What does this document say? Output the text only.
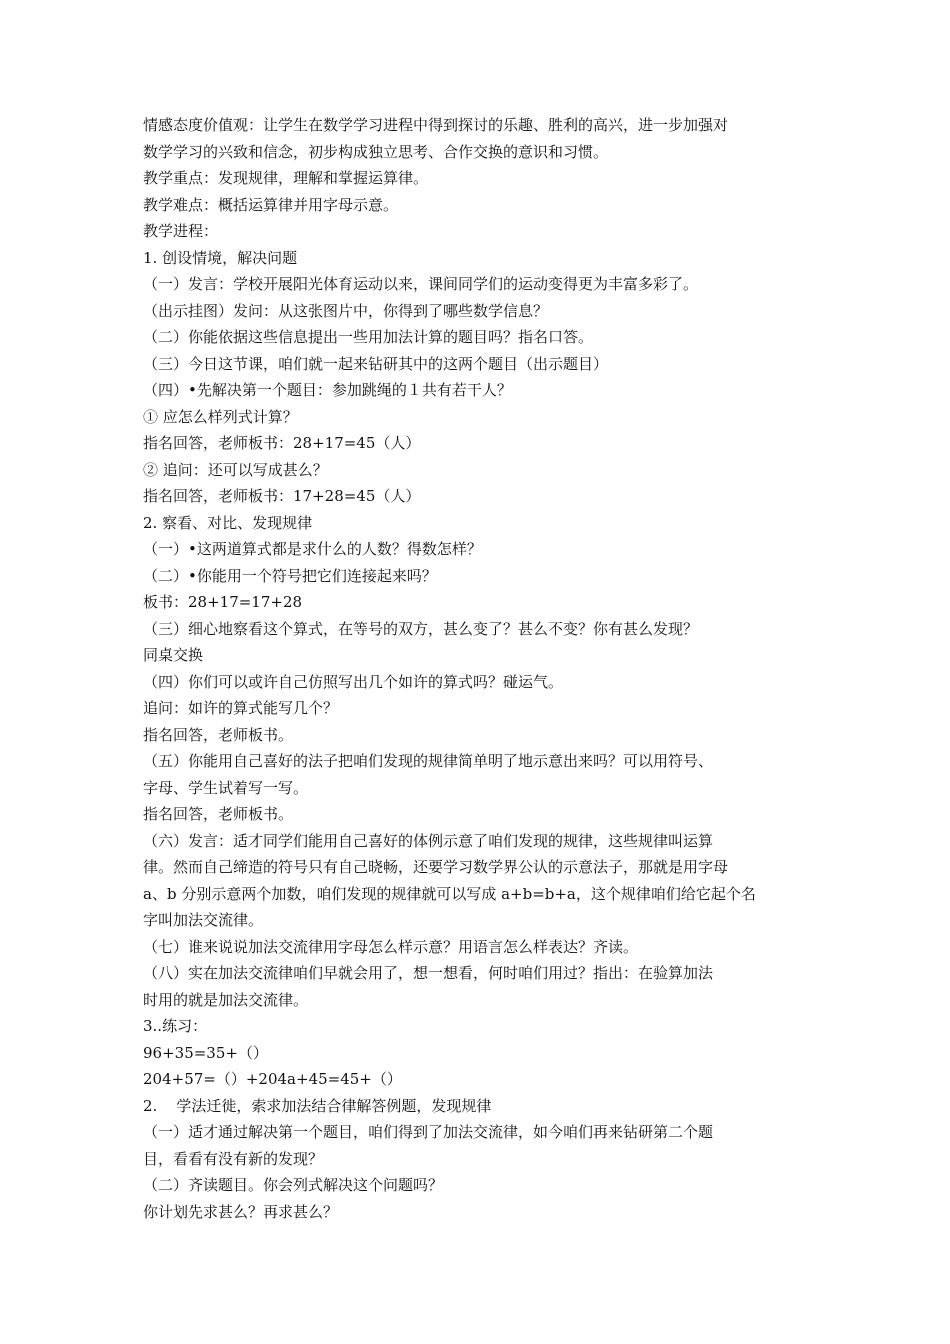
情感态度价值观：让学生在数学学习进程中得到探讨的乐趣、胜利的高兴，进一步加强对
数学学习的兴致和信念，初步构成独立思考、合作交换的意识和习惯。
教学重点：发现规律，理解和掌握运算律。
教学难点：概括运算律并用字母示意。
教学进程：
1. 创设情境，解决问题
（一）发言：学校开展阳光体育运动以来，课间同学们的运动变得更为丰富多彩了。
（出示挂图）发问：从这张图片中，你得到了哪些数学信息？
（二）你能依据这些信息提出一些用加法计算的题目吗？指名口答。
（三）今日这节课，咱们就一起来钻研其中的这两个题目（出示题目）
（四）•先解决第一个题目：参加跳绳的１共有若干人？
① 应怎么样列式计算？
指名回答，老师板书：28+17=45（人）
② 追问：还可以写成甚么？
指名回答，老师板书：17+28=45（人）
2. 察看、对比、发现规律
（一）•这两道算式都是求什么的人数？得数怎样？
（二）•你能用一个符号把它们连接起来吗？
板书：28+17=17+28
（三）细心地察看这个算式，在等号的双方，甚么变了？甚么不变？你有甚么发现？
同桌交换
（四）你们可以或许自己仿照写出几个如许的算式吗？碰运气。
追问：如许的算式能写几个？
指名回答，老师板书。
（五）你能用自己喜好的法子把咱们发现的规律简单明了地示意出来吗？可以用符号、
字母、学生试着写一写。
指名回答，老师板书。
（六）发言：适才同学们能用自己喜好的体例示意了咱们发现的规律，这些规律叫运算
律。然而自己缔造的符号只有自己晓畅，还要学习数学界公认的示意法子，那就是用字母
a、b 分别示意两个加数，咱们发现的规律就可以写成 a+b=b+a，这个规律咱们给它起个名
字叫加法交流律。
（七）谁来说说加法交流律用字母怎么样示意？用语言怎么样表达？齐读。
（八）实在加法交流律咱们早就会用了，想一想看，何时咱们用过？指出：在验算加法
时用的就是加法交流律。
3..练习：
96+35=35+（）
204+57=（）+204a+45=45+（）
2.    学法迁徙，索求加法结合律解答例题，发现规律
（一）适才通过解决第一个题目，咱们得到了加法交流律，如今咱们再来钻研第二个题
目，看看有没有新的发现？
（二）齐读题目。你会列式解决这个问题吗？
你计划先求甚么？再求甚么？
